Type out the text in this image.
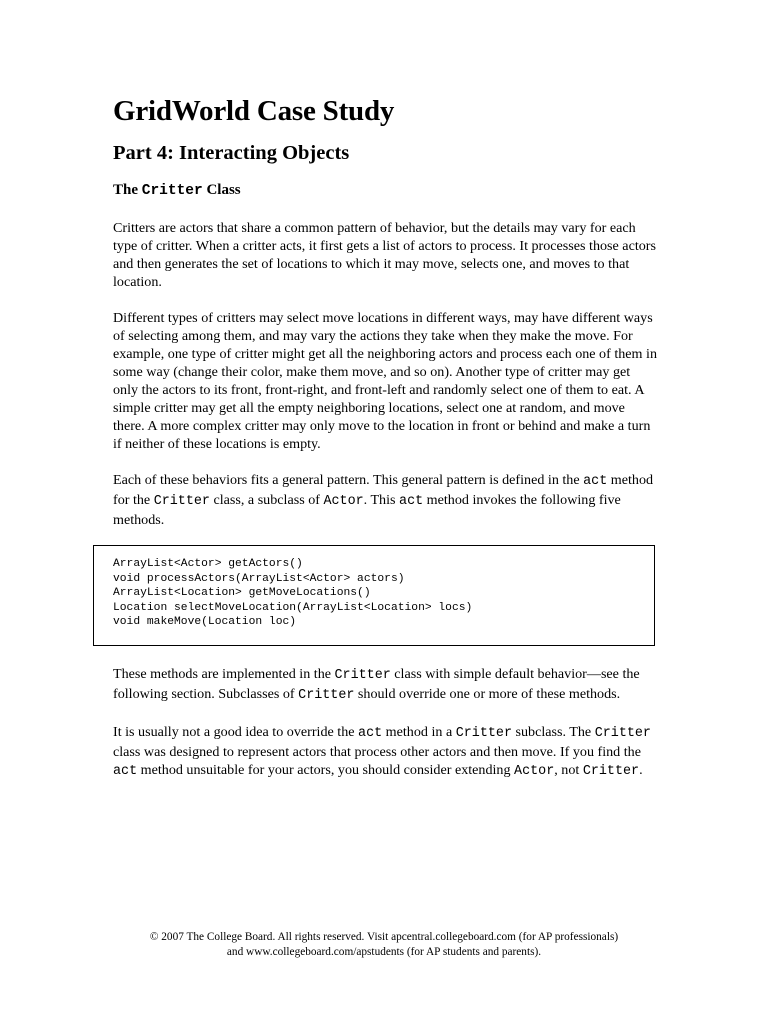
GridWorld Case Study
Part 4: Interacting Objects
The Critter Class

Critters are actors that share a common pattern of behavior, but the details may vary for each type of critter. When a critter acts, it first gets a list of actors to process. It processes those actors and then generates the set of locations to which it may move, selects one, and moves to that location.

Different types of critters may select move locations in different ways, may have different ways of selecting among them, and may vary the actions they take when they make the move. For example, one type of critter might get all the neighboring actors and process each one of them in some way (change their color, make them move, and so on). Another type of critter may get only the actors to its front, front-right, and front-left and randomly select one of them to eat. A simple critter may get all the empty neighboring locations, select one at random, and move there. A more complex critter may only move to the location in front or behind and make a turn if neither of these locations is empty.

Each of these behaviors fits a general pattern. This general pattern is defined in the act method for the Critter class, a subclass of Actor. This act method invokes the following five methods.

ArrayList<Actor> getActors()
void processActors(ArrayList<Actor> actors)
ArrayList<Location> getMoveLocations()
Location selectMoveLocation(ArrayList<Location> locs)
void makeMove(Location loc)

These methods are implemented in the Critter class with simple default behavior—see the following section. Subclasses of Critter should override one or more of these methods.

It is usually not a good idea to override the act method in a Critter subclass. The Critter class was designed to represent actors that process other actors and then move. If you find the act method unsuitable for your actors, you should consider extending Actor, not Critter.

© 2007 The College Board. All rights reserved. Visit apcentral.collegeboard.com (for AP professionals)
and www.collegeboard.com/apstudents (for AP students and parents).
